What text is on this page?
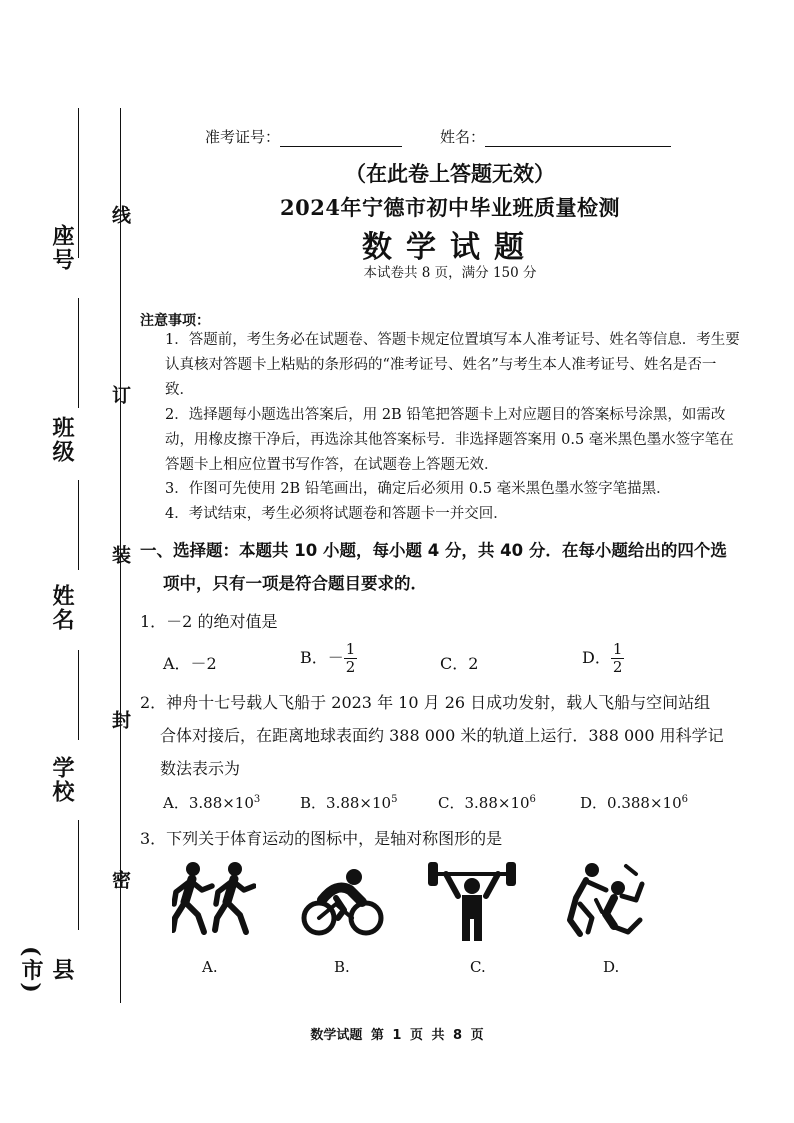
座号
班级
姓名
学校
县(市)
线
订
装
封
密
准考证号：	姓名：
（在此卷上答题无效）
2024年宁德市初中毕业班质量检测
数学试题
本试卷共 8 页，满分 150 分
注意事项：
1．答题前，考生务必在试题卷、答题卡规定位置填写本人准考证号、姓名等信息．考生要认真核对答题卡上粘贴的条形码的“准考证号、姓名”与考生本人准考证号、姓名是否一致．
2．选择题每小题选出答案后，用 2B 铅笔把答题卡上对应题目的答案标号涂黑，如需改动，用橡皮擦干净后，再选涂其他答案标号．非选择题答案用 0.5 毫米黑色墨水签字笔在答题卡上相应位置书写作答，在试题卷上答题无效．
3．作图可先使用 2B 铅笔画出，确定后必须用 0.5 毫米黑色墨水签字笔描黑．
4．考试结束，考生必须将试题卷和答题卡一并交回．
一、选择题：本题共 10 小题，每小题 4 分，共 40 分．在每小题给出的四个选
项中，只有一项是符合题目要求的．
1．－2 的绝对值是
A．－2	B．－ $\frac{1}{2}$	C．2	D． $\frac{1}{2}$
2．神舟十七号载人飞船于 2023 年 10 月 26 日成功发射，载人飞船与空间站组
合体对接后，在距离地球表面约 388 000 米的轨道上运行．388 000 用科学记
数法表示为
A．$3.88\times 10^3$	B．$3.88\times 10^5$	C．$3.88\times 10^6$	D．$0.388\times 10^6$
3．下列关于体育运动的图标中，是轴对称图形的是
A.	B.	C.	D.
数学试题 第 1 页 共 8 页
